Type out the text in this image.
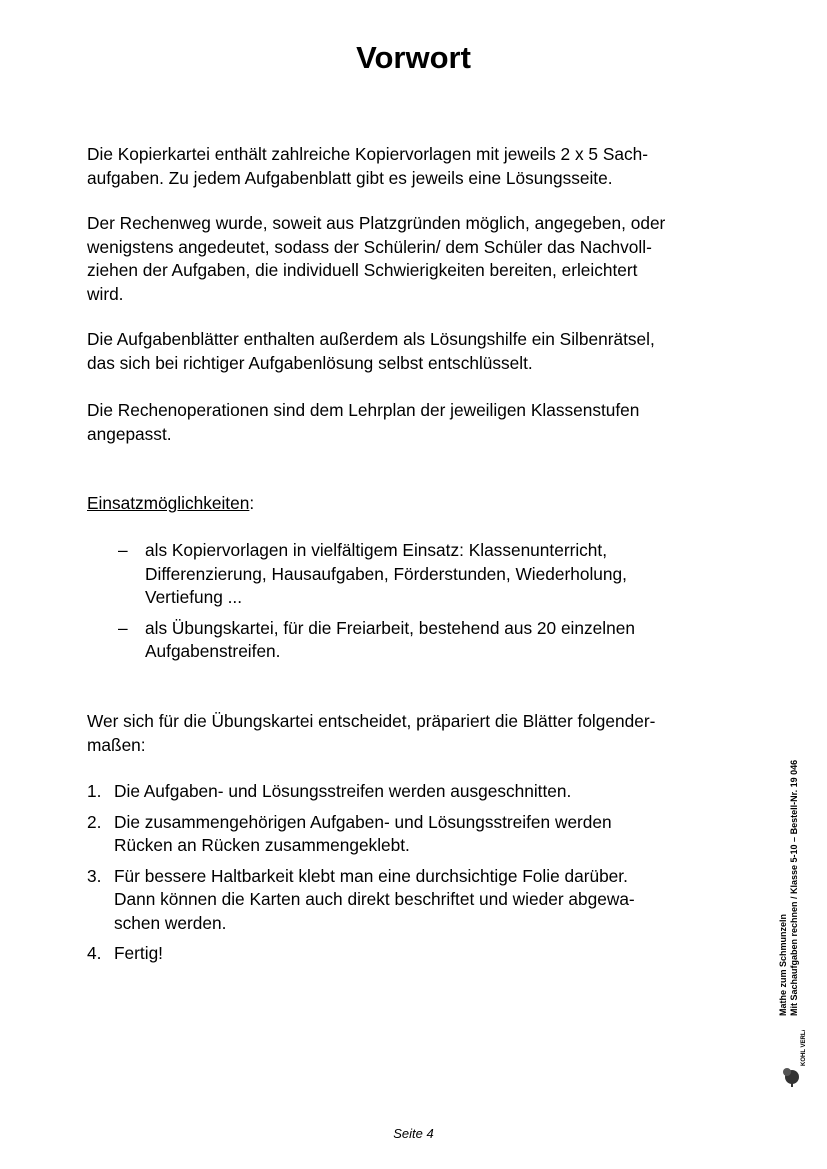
Vorwort

Die Kopierkartei enthält zahlreiche Kopiervorlagen mit jeweils 2 x 5 Sach-
aufgaben. Zu jedem Aufgabenblatt gibt es jeweils eine Lösungsseite.

Der Rechenweg wurde, soweit aus Platzgründen möglich, angegeben, oder
wenigstens angedeutet, sodass der Schülerin/ dem Schüler das Nachvoll-
ziehen der Aufgaben, die individuell Schwierigkeiten bereiten, erleichtert
wird.

Die Aufgabenblätter enthalten außerdem als Lösungshilfe ein Silbenrätsel,
das sich bei richtiger Aufgabenlösung selbst entschlüsselt.

Die Rechenoperationen sind dem Lehrplan der jeweiligen Klassenstufen
angepasst.

Einsatzmöglichkeiten:
– als Kopiervorlagen in vielfältigem Einsatz: Klassenunterricht,
Differenzierung, Hausaufgaben, Förderstunden, Wiederholung,
Vertiefung ...
– als Übungskartei, für die Freiarbeit, bestehend aus 20 einzelnen
Aufgabenstreifen.

Wer sich für die Übungskartei entscheidet, präpariert die Blätter folgender-
maßen:

1. Die Aufgaben- und Lösungsstreifen werden ausgeschnitten.
2. Die zusammengehörigen Aufgaben- und Lösungsstreifen werden
Rücken an Rücken zusammengeklebt.
3. Für bessere Haltbarkeit klebt man eine durchsichtige Folie darüber.
Dann können die Karten auch direkt beschriftet und wieder abgewa-
schen werden.
4. Fertig!	Mathe zum Schmunzeln
Mit Sachaufgaben rechnen / Klasse 5-10 – Bestell-Nr. 19 046
KOHL VERLAG
Seite 4
